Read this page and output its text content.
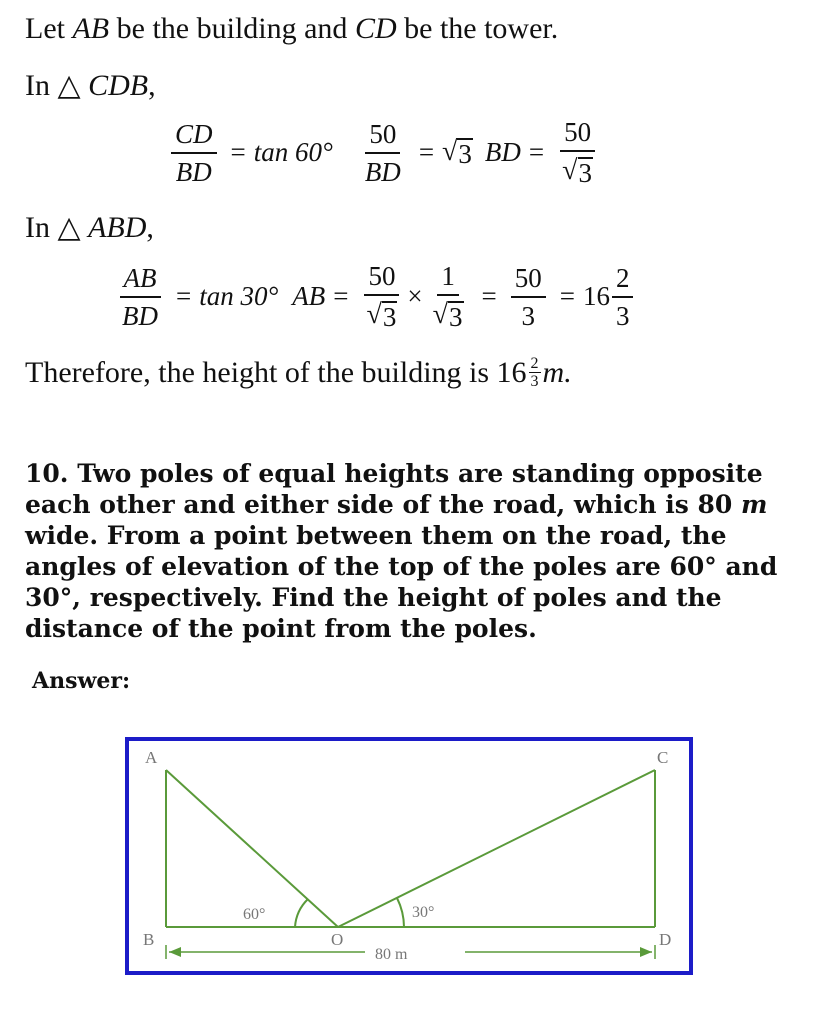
Let AB be the building and CD be the tower.
In △ CDB,
$\frac{CD}{BD} = \tan 60^\circ \frac{50}{BD}$ = √ 3 BD = $\frac{50}{√ 3}$
In △ ABD,
$\frac{AB}{BD} = \tan 30^\circ$ AB = $\frac{50}{√ 3} \times \frac{1}{√ 3} = \frac{50}{3} = 16 \frac{2}{3}$
Therefore, the height of the building is $16 \frac{2}{3} m$.
10. Two poles of equal heights are standing opposite each other and either side of the road, which is 80 m wide. From a point between them on the road, the angles of elevation of the top of the poles are 60° and 30°, respectively. Find the height of poles and the distance of the point from the poles.
Answer:
A
B
C
D
O
60°	30°
80 m
